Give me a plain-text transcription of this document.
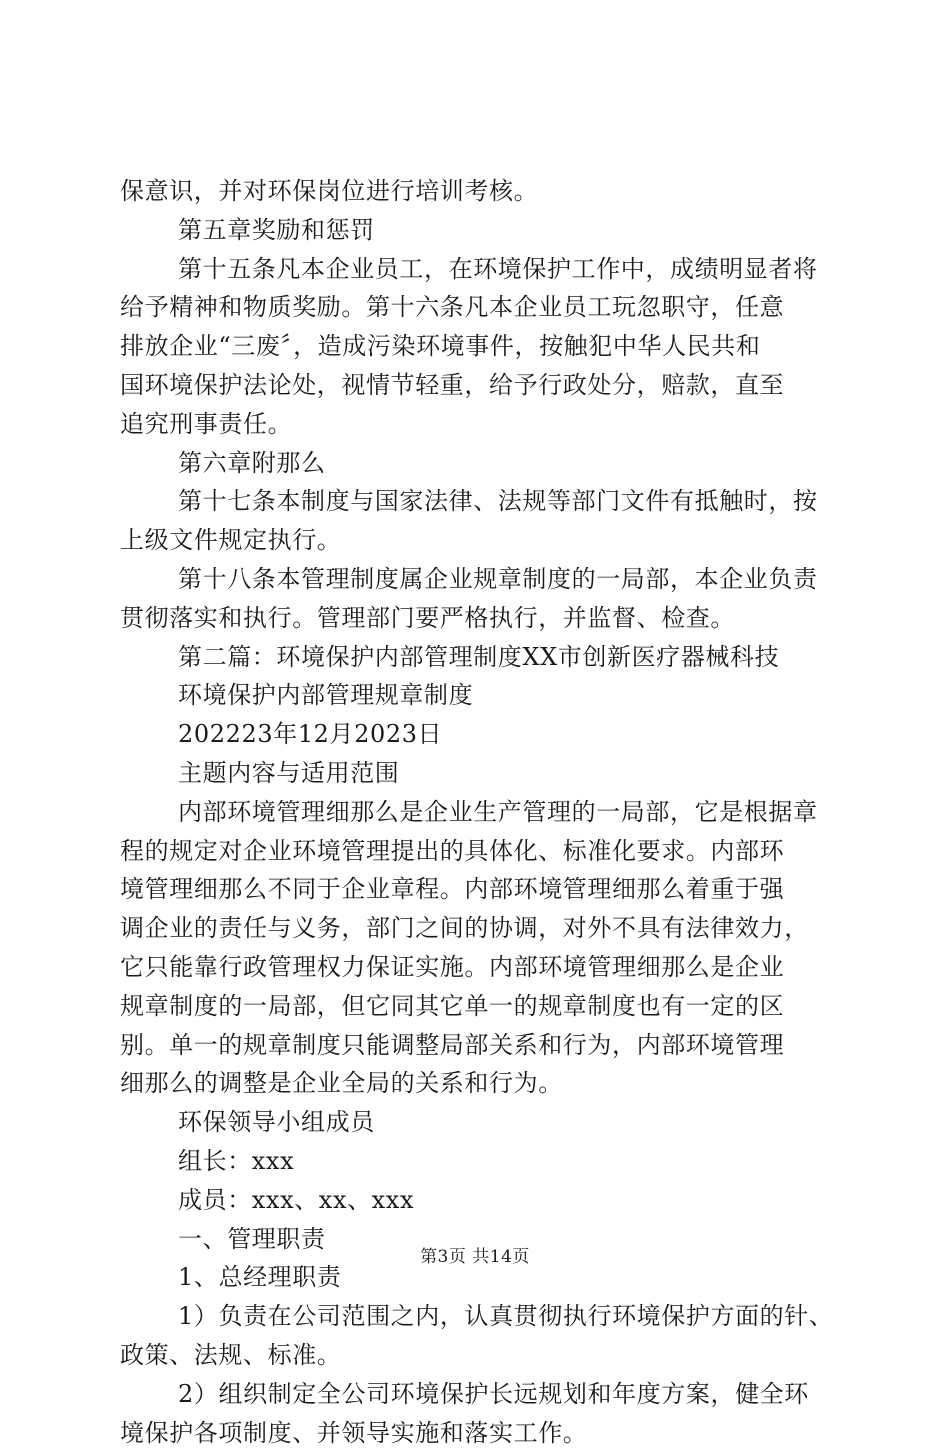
保意识，并对环保岗位进行培训考核。
第五章奖励和惩罚
第十五条凡本企业员工，在环境保护工作中，成绩明显者将
给予精神和物质奖励。第十六条凡本企业员工玩忽职守，任意
排放企业“三废〞，造成污染环境事件，按触犯中华人民共和
国环境保护法论处，视情节轻重，给予行政处分，赔款，直至
追究刑事责任。
第六章附那么
第十七条本制度与国家法律、法规等部门文件有抵触时，按
上级文件规定执行。
第十八条本管理制度属企业规章制度的一局部，本企业负责
贯彻落实和执行。管理部门要严格执行，并监督、检查。
第二篇：环境保护内部管理制度XX市创新医疗器械科技
环境保护内部管理规章制度
202223年12月2023日
主题内容与适用范围
内部环境管理细那么是企业生产管理的一局部，它是根据章
程的规定对企业环境管理提出的具体化、标准化要求。内部环
境管理细那么不同于企业章程。内部环境管理细那么着重于强
调企业的责任与义务，部门之间的协调，对外不具有法律效力，
它只能靠行政管理权力保证实施。内部环境管理细那么是企业
规章制度的一局部，但它同其它单一的规章制度也有一定的区
别。单一的规章制度只能调整局部关系和行为，内部环境管理
细那么的调整是企业全局的关系和行为。
环保领导小组成员
组长：xxx
成员：xxx、xx、xxx
一、管理职责
1、总经理职责
1）负责在公司范围之内，认真贯彻执行环境保护方面的针、
政策、法规、标准。
2）组织制定全公司环境保护长远规划和年度方案，健全环
境保护各项制度、并领导实施和落实工作。
第3页 共14页
